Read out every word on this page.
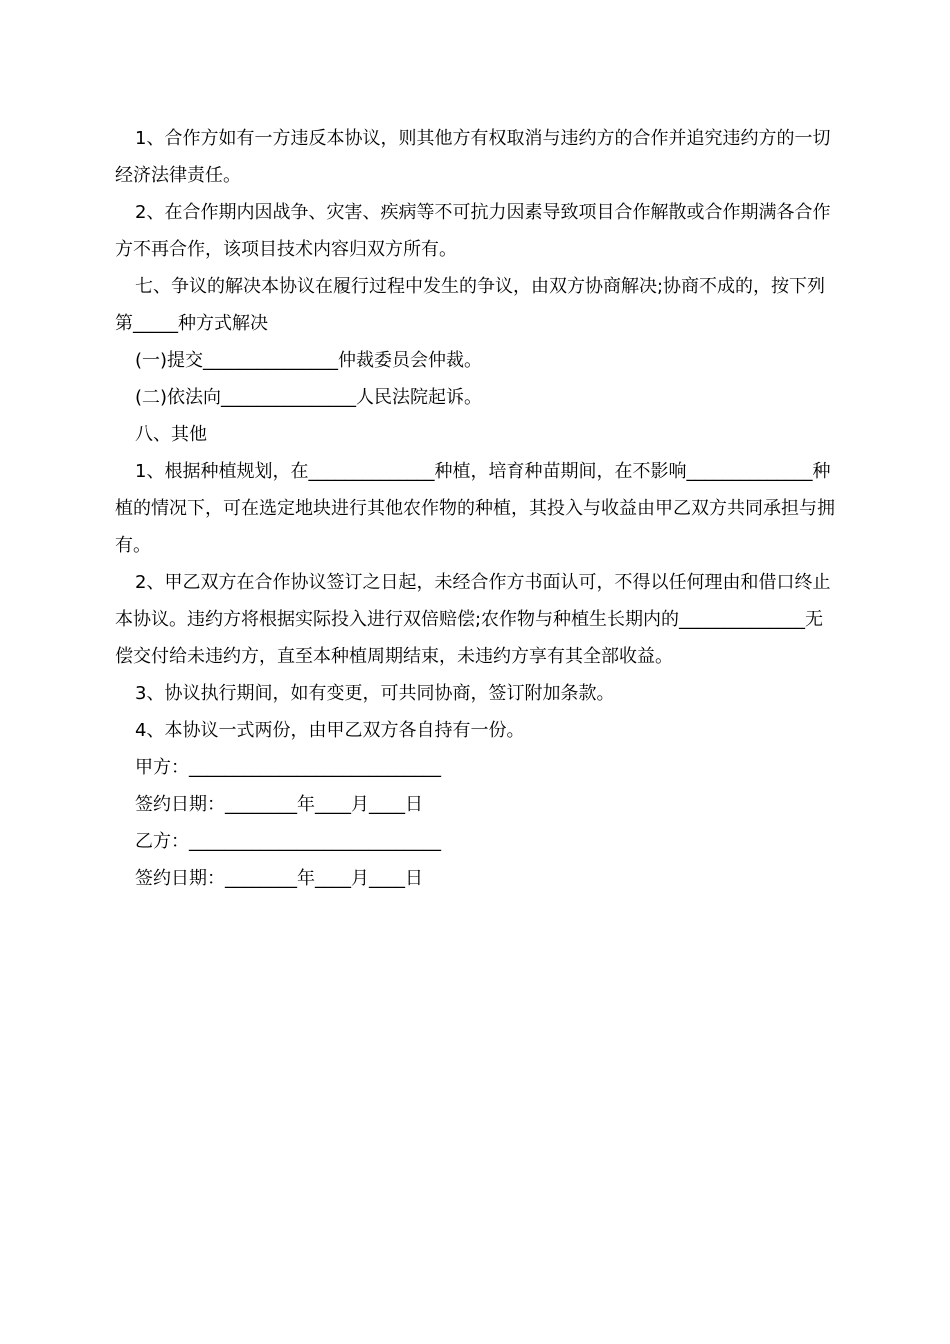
1、合作方如有一方违反本协议，则其他方有权取消与违约方的合作并追究违约方的一切经济法律责任。

2、在合作期内因战争、灾害、疾病等不可抗力因素导致项目合作解散或合作期满各合作方不再合作，该项目技术内容归双方所有。

七、争议的解决本协议在履行过程中发生的争议，由双方协商解决;协商不成的，按下列第_____种方式解决

(一)提交_______________仲裁委员会仲裁。

(二)依法向_______________人民法院起诉。

八、其他

1、根据种植规划，在______________种植，培育种苗期间，在不影响______________种植的情况下，可在选定地块进行其他农作物的种植，其投入与收益由甲乙双方共同承担与拥有。

2、甲乙双方在合作协议签订之日起，未经合作方书面认可，不得以任何理由和借口终止本协议。违约方将根据实际投入进行双倍赔偿;农作物与种植生长期内的______________无偿交付给未违约方，直至本种植周期结束，未违约方享有其全部收益。

3、协议执行期间，如有变更，可共同协商，签订附加条款。

4、本协议一式两份，由甲乙双方各自持有一份。

甲方：____________________________

签约日期：________年____月____日

乙方：____________________________

签约日期：________年____月____日
